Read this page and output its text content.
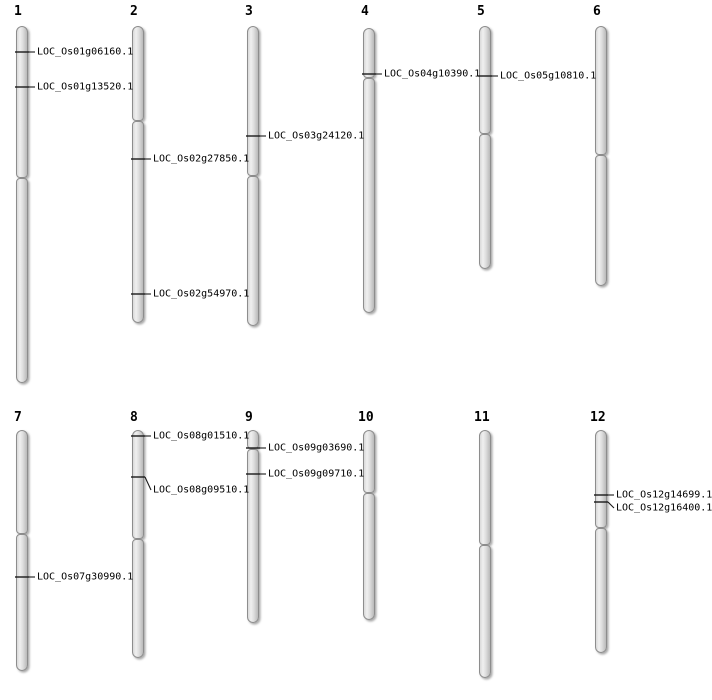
1	2	3	4	5	6
7	8	9	10	11	12
LOC_Os01g06160.1
LOC_Os01g13520.1
LOC_Os02g27850.1
LOC_Os02g54970.1
LOC_Os03g24120.1
LOC_Os04g10390.1 LOC_Os05g10810.1
LOC_Os07g30990.1
LOC_Os08g01510.1
LOC_Os08g09510.1
LOC_Os09g03690.1
LOC_Os09g09710.1
LOC_Os12g14699.1
LOC_Os12g16400.1
